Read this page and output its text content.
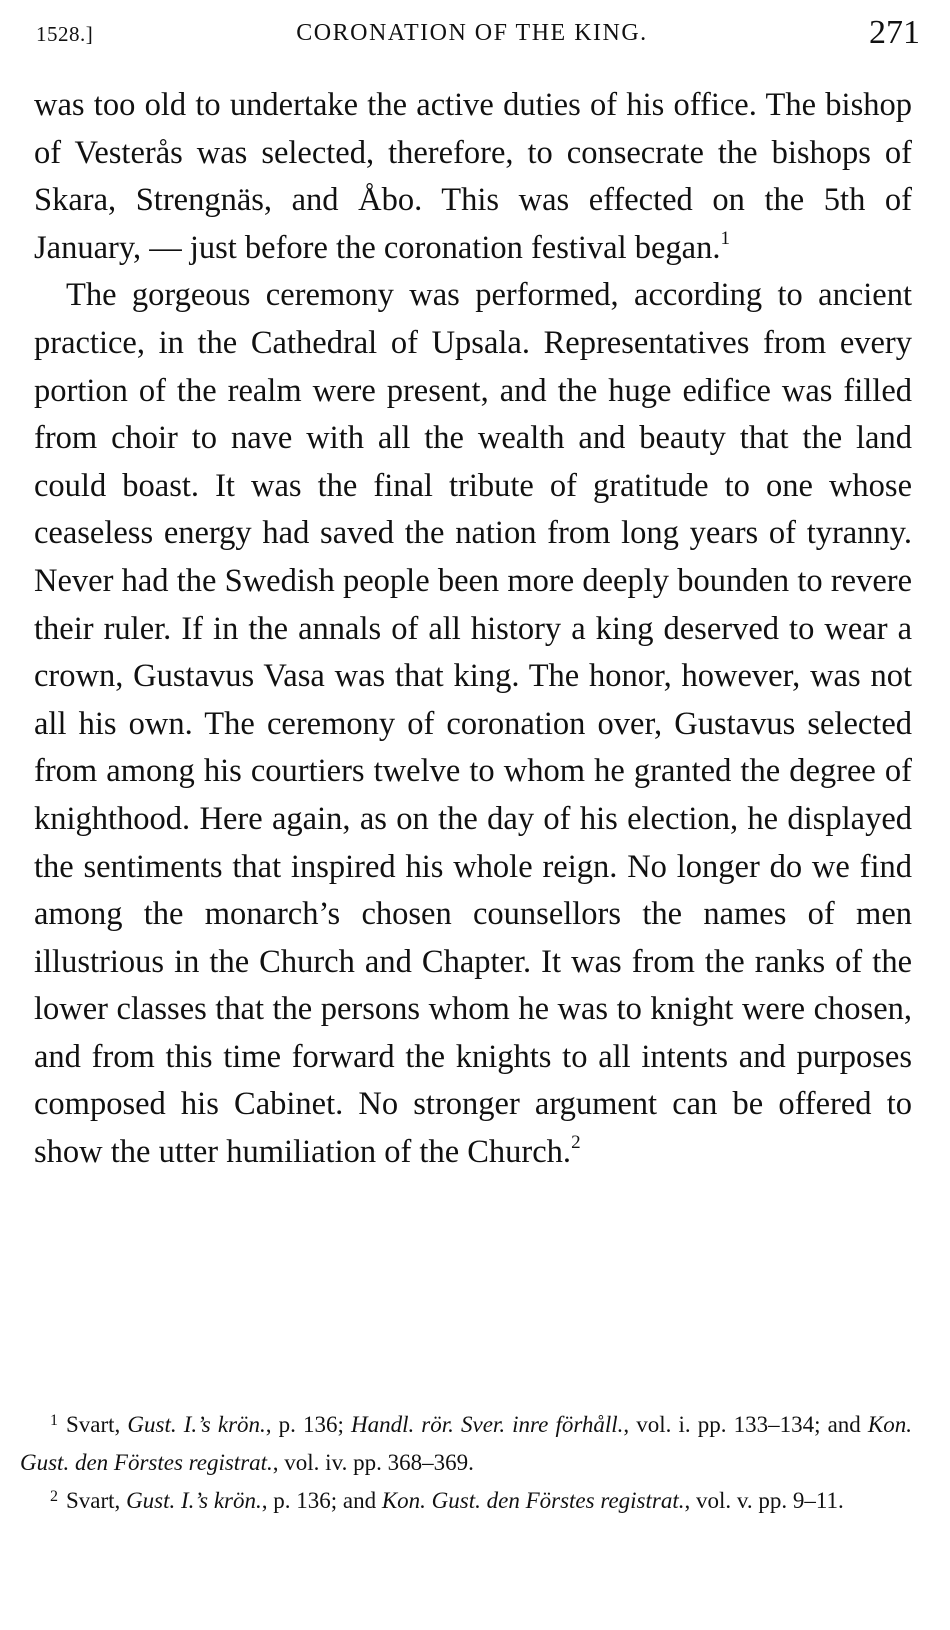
1528.]	CORONATION OF THE KING.	271

was too old to undertake the active duties of his office. The bishop of Vesterås was selected, therefore, to consecrate the bishops of Skara, Strengnäs, and Åbo. This was effected on the 5th of January, — just before the coronation festival began.$^1$

The gorgeous ceremony was performed, according to ancient practice, in the Cathedral of Upsala. Representatives from every portion of the realm were present, and the huge edifice was filled from choir to nave with all the wealth and beauty that the land could boast. It was the final tribute of gratitude to one whose ceaseless energy had saved the nation from long years of tyranny. Never had the Swedish people been more deeply bounden to revere their ruler. If in the annals of all history a king deserved to wear a crown, Gustavus Vasa was that king. The honor, however, was not all his own. The ceremony of coronation over, Gustavus selected from among his courtiers twelve to whom he granted the degree of knighthood. Here again, as on the day of his election, he displayed the sentiments that inspired his whole reign. No longer do we find among the monarch’s chosen counsellors the names of men illustrious in the Church and Chapter. It was from the ranks of the lower classes that the persons whom he was to knight were chosen, and from this time forward the knights to all intents and purposes composed his Cabinet. No stronger argument can be offered to show the utter humiliation of the Church.$^2$

$^1$ Svart, Gust. I.’s krön., p. 136; Handl. rör. Sver. inre förhåll., vol. i. pp. 133–134; and Kon. Gust. den Förstes registrat., vol. iv. pp. 368–369.

$^2$ Svart, Gust. I.’s krön., p. 136; and Kon. Gust. den Förstes registrat., vol. v. pp. 9–11.
